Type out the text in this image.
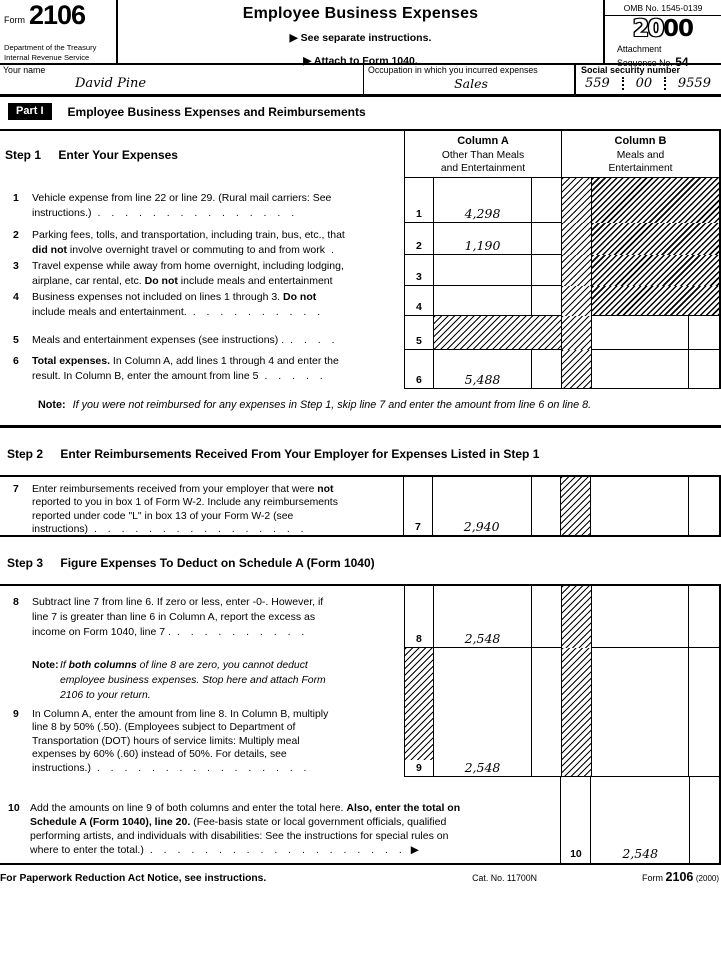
Form 2106
Department of the Treasury
Internal Revenue Service
Employee Business Expenses
▶ See separate instructions.
▶ Attach to Form 1040.
OMB No. 1545-0139
2000
Attachment
Sequence No. 54
Your name
David Pine
Occupation in which you incurred expenses
Sales
Social security number
559 00 9559
Part I	Employee Business Expenses and Reimbursements
Step 1 Enter Your Expenses
1 Vehicle expense from line 22 or line 29. (Rural mail carriers: See
instructions.) . . . . . . . . . . . . . . .
2 Parking fees, tolls, and transportation, including train, bus, etc., that
did not involve overnight travel or commuting to and from work .
3 Travel expense while away from home overnight, including lodging,
airplane, car rental, etc. Do not include meals and entertainment
4 Business expenses not included on lines 1 through 3. Do not
include meals and entertainment. . . . . . . . . . .
5 Meals and entertainment expenses (see instructions) . . . . .
6 Total expenses. In Column A, add lines 1 through 4 and enter the
result. In Column B, enter the amount from line 5 . . . . .
Column A
Other Than Meals
and Entertainment
Column B
Meals and
Entertainment
1	4,298
2	1,190
3
4
5
6	5,488
Note: If you were not reimbursed for any expenses in Step 1, skip line 7 and enter the amount from line 6 on line 8.
Step 2 Enter Reimbursements Received From Your Employer for Expenses Listed in Step 1
7 Enter reimbursements received from your employer that were not
reported to you in box 1 of Form W-2. Include any reimbursements
reported under code "L" in box 13 of your Form W-2 (see
instructions) . . . . . . . . . . . . . . . .	7	2,940
Step 3 Figure Expenses To Deduct on Schedule A (Form 1040)
8 Subtract line 7 from line 6. If zero or less, enter -0-. However, if
line 7 is greater than line 6 in Column A, report the excess as
income on Form 1040, line 7 . . . . . . . . . . .
Note: If both columns of line 8 are zero, you cannot deduct
employee business expenses. Stop here and attach Form
2106 to your return.
9 In Column A, enter the amount from line 8. In Column B, multiply
line 8 by 50% (.50). (Employees subject to Department of
Transportation (DOT) hours of service limits: Multiply meal
expenses by 60% (.60) instead of 50%. For details, see
instructions.) . . . . . . . . . . . . . . . .
8	2,548
9	2,548
10 Add the amounts on line 9 of both columns and enter the total here. Also, enter the total on
Schedule A (Form 1040), line 20. (Fee-basis state or local government officials, qualified
performing artists, and individuals with disabilities: See the instructions for special rules on
where to enter the total.) . . . . . . . . . . . . . . . . . . . ▶	10	2,548
For Paperwork Reduction Act Notice, see instructions.	Cat. No. 11700N	Form 2106 (2000)
